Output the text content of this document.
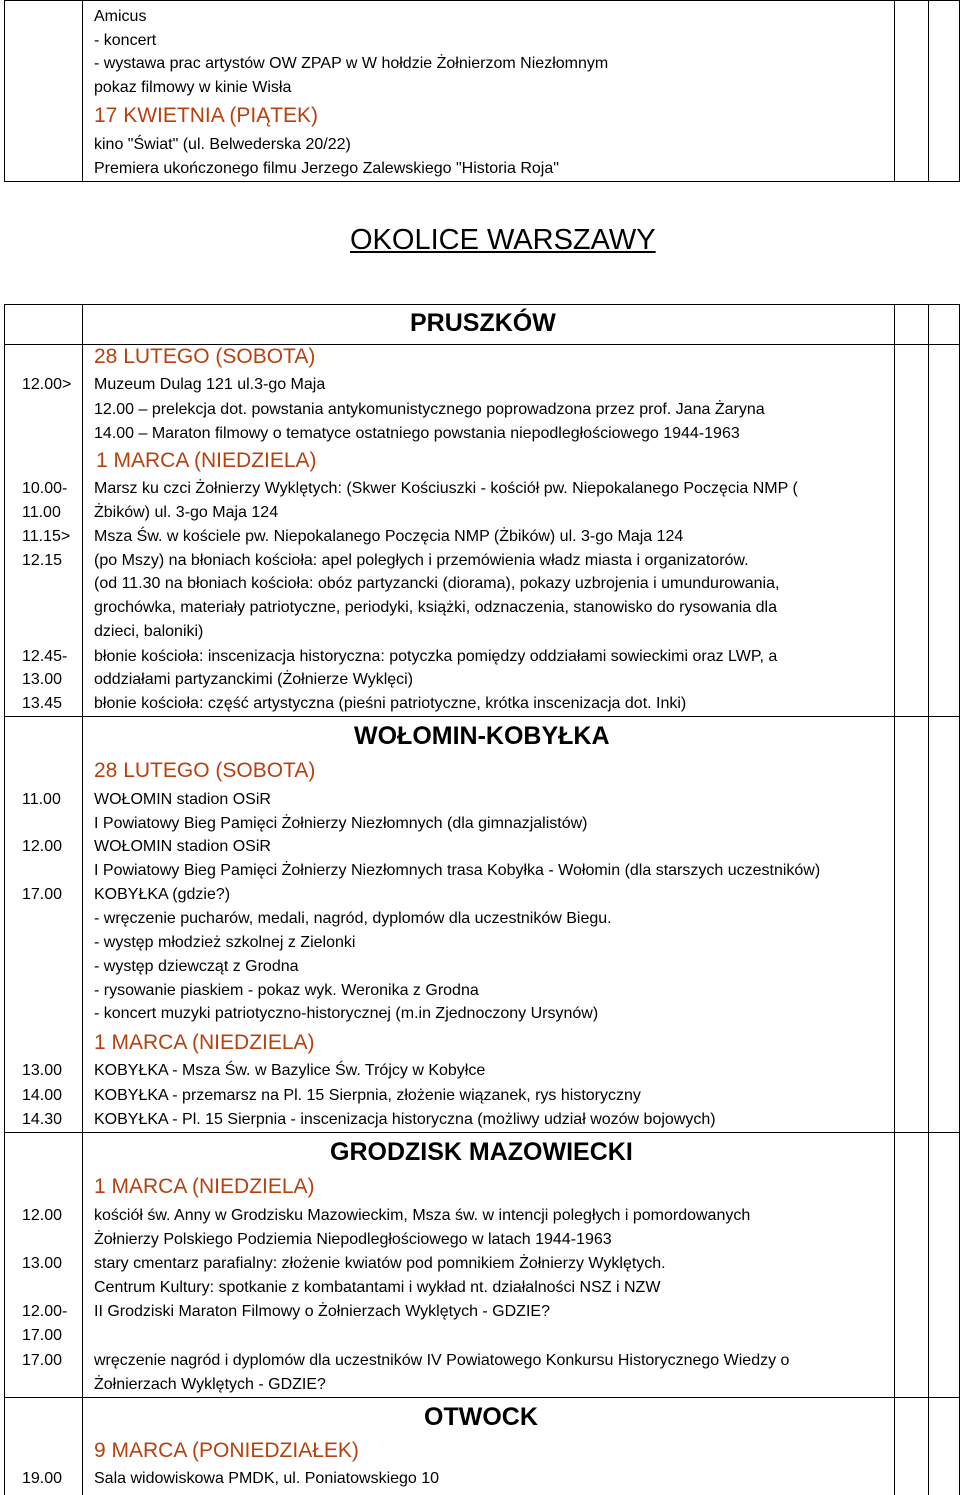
Amicus
- koncert
- wystawa prac artystów OW ZPAP w W hołdzie Żołnierzom Niezłomnym
pokaz filmowy w kinie Wisła
17 KWIETNIA (PIĄTEK)
kino "Świat" (ul. Belwederska 20/22)
Premiera ukończonego filmu Jerzego Zalewskiego "Historia Roja"
OKOLICE WARSZAWY
PRUSZKÓW
28 LUTEGO (SOBOTA)
12.00> Muzeum Dulag 121 ul.3-go Maja
12.00 – prelekcja dot. powstania antykomunistycznego poprowadzona przez prof. Jana Żaryna
14.00 – Maraton filmowy o tematyce ostatniego powstania niepodległościowego 1944-1963
1 MARCA (NIEDZIELA)
10.00-
11.00
Marsz ku czci Żołnierzy Wyklętych: (Skwer Kościuszki - kościół pw. Niepokalanego Poczęcia NMP (
Żbików) ul. 3-go Maja 124
11.15> Msza Św. w kościele pw. Niepokalanego Poczęcia NMP (Żbików) ul. 3-go Maja 124
12.15 (po Mszy) na błoniach kościoła: apel poległych i przemówienia władz miasta i organizatorów.
(od 11.30 na błoniach kościoła: obóz partyzancki (diorama), pokazy uzbrojenia i umundurowania,
grochówka, materiały patriotyczne, periodyki, książki, odznaczenia, stanowisko do rysowania dla
dzieci, baloniki)
12.45-
13.00
błonie kościoła: inscenizacja historyczna: potyczka pomiędzy oddziałami sowieckimi oraz LWP, a
oddziałami partyzanckimi (Żołnierze Wyklęci)
13.45 błonie kościoła: część artystyczna (pieśni patriotyczne, krótka inscenizacja dot. Inki)
WOŁOMIN-KOBYŁKA
28 LUTEGO (SOBOTA)
11.00 WOŁOMIN stadion OSiR
I Powiatowy Bieg Pamięci Żołnierzy Niezłomnych (dla gimnazjalistów)
12.00 WOŁOMIN stadion OSiR
I Powiatowy Bieg Pamięci Żołnierzy Niezłomnych trasa Kobyłka - Wołomin (dla starszych uczestników)
17.00 KOBYŁKA (gdzie?)
- wręczenie pucharów, medali, nagród, dyplomów dla uczestników Biegu.
- występ młodzież szkolnej z Zielonki
- występ dziewcząt z Grodna
- rysowanie piaskiem - pokaz wyk. Weronika z Grodna
- koncert muzyki patriotyczno-historycznej (m.in Zjednoczony Ursynów)
1 MARCA (NIEDZIELA)
13.00 KOBYŁKA - Msza Św. w Bazylice Św. Trójcy w Kobyłce
14.00 KOBYŁKA - przemarsz na Pl. 15 Sierpnia, złożenie wiązanek, rys historyczny
14.30 KOBYŁKA - Pl. 15 Sierpnia - inscenizacja historyczna (możliwy udział wozów bojowych)
GRODZISK MAZOWIECKI
1 MARCA (NIEDZIELA)
12.00 kościół św. Anny w Grodzisku Mazowieckim, Msza św. w intencji poległych i pomordowanych
Żołnierzy Polskiego Podziemia Niepodległościowego w latach 1944-1963
13.00 stary cmentarz parafialny: złożenie kwiatów pod pomnikiem Żołnierzy Wyklętych.
Centrum Kultury: spotkanie z kombatantami i wykład nt. działalności NSZ i NZW
12.00-
17.00
II Grodziski Maraton Filmowy o Żołnierzach Wyklętych - GDZIE?
17.00 wręczenie nagród i dyplomów dla uczestników IV Powiatowego Konkursu Historycznego Wiedzy o
Żołnierzach Wyklętych - GDZIE?
OTWOCK
9 MARCA (PONIEDZIAŁEK)
19.00 Sala widowiskowa PMDK, ul. Poniatowskiego 10
